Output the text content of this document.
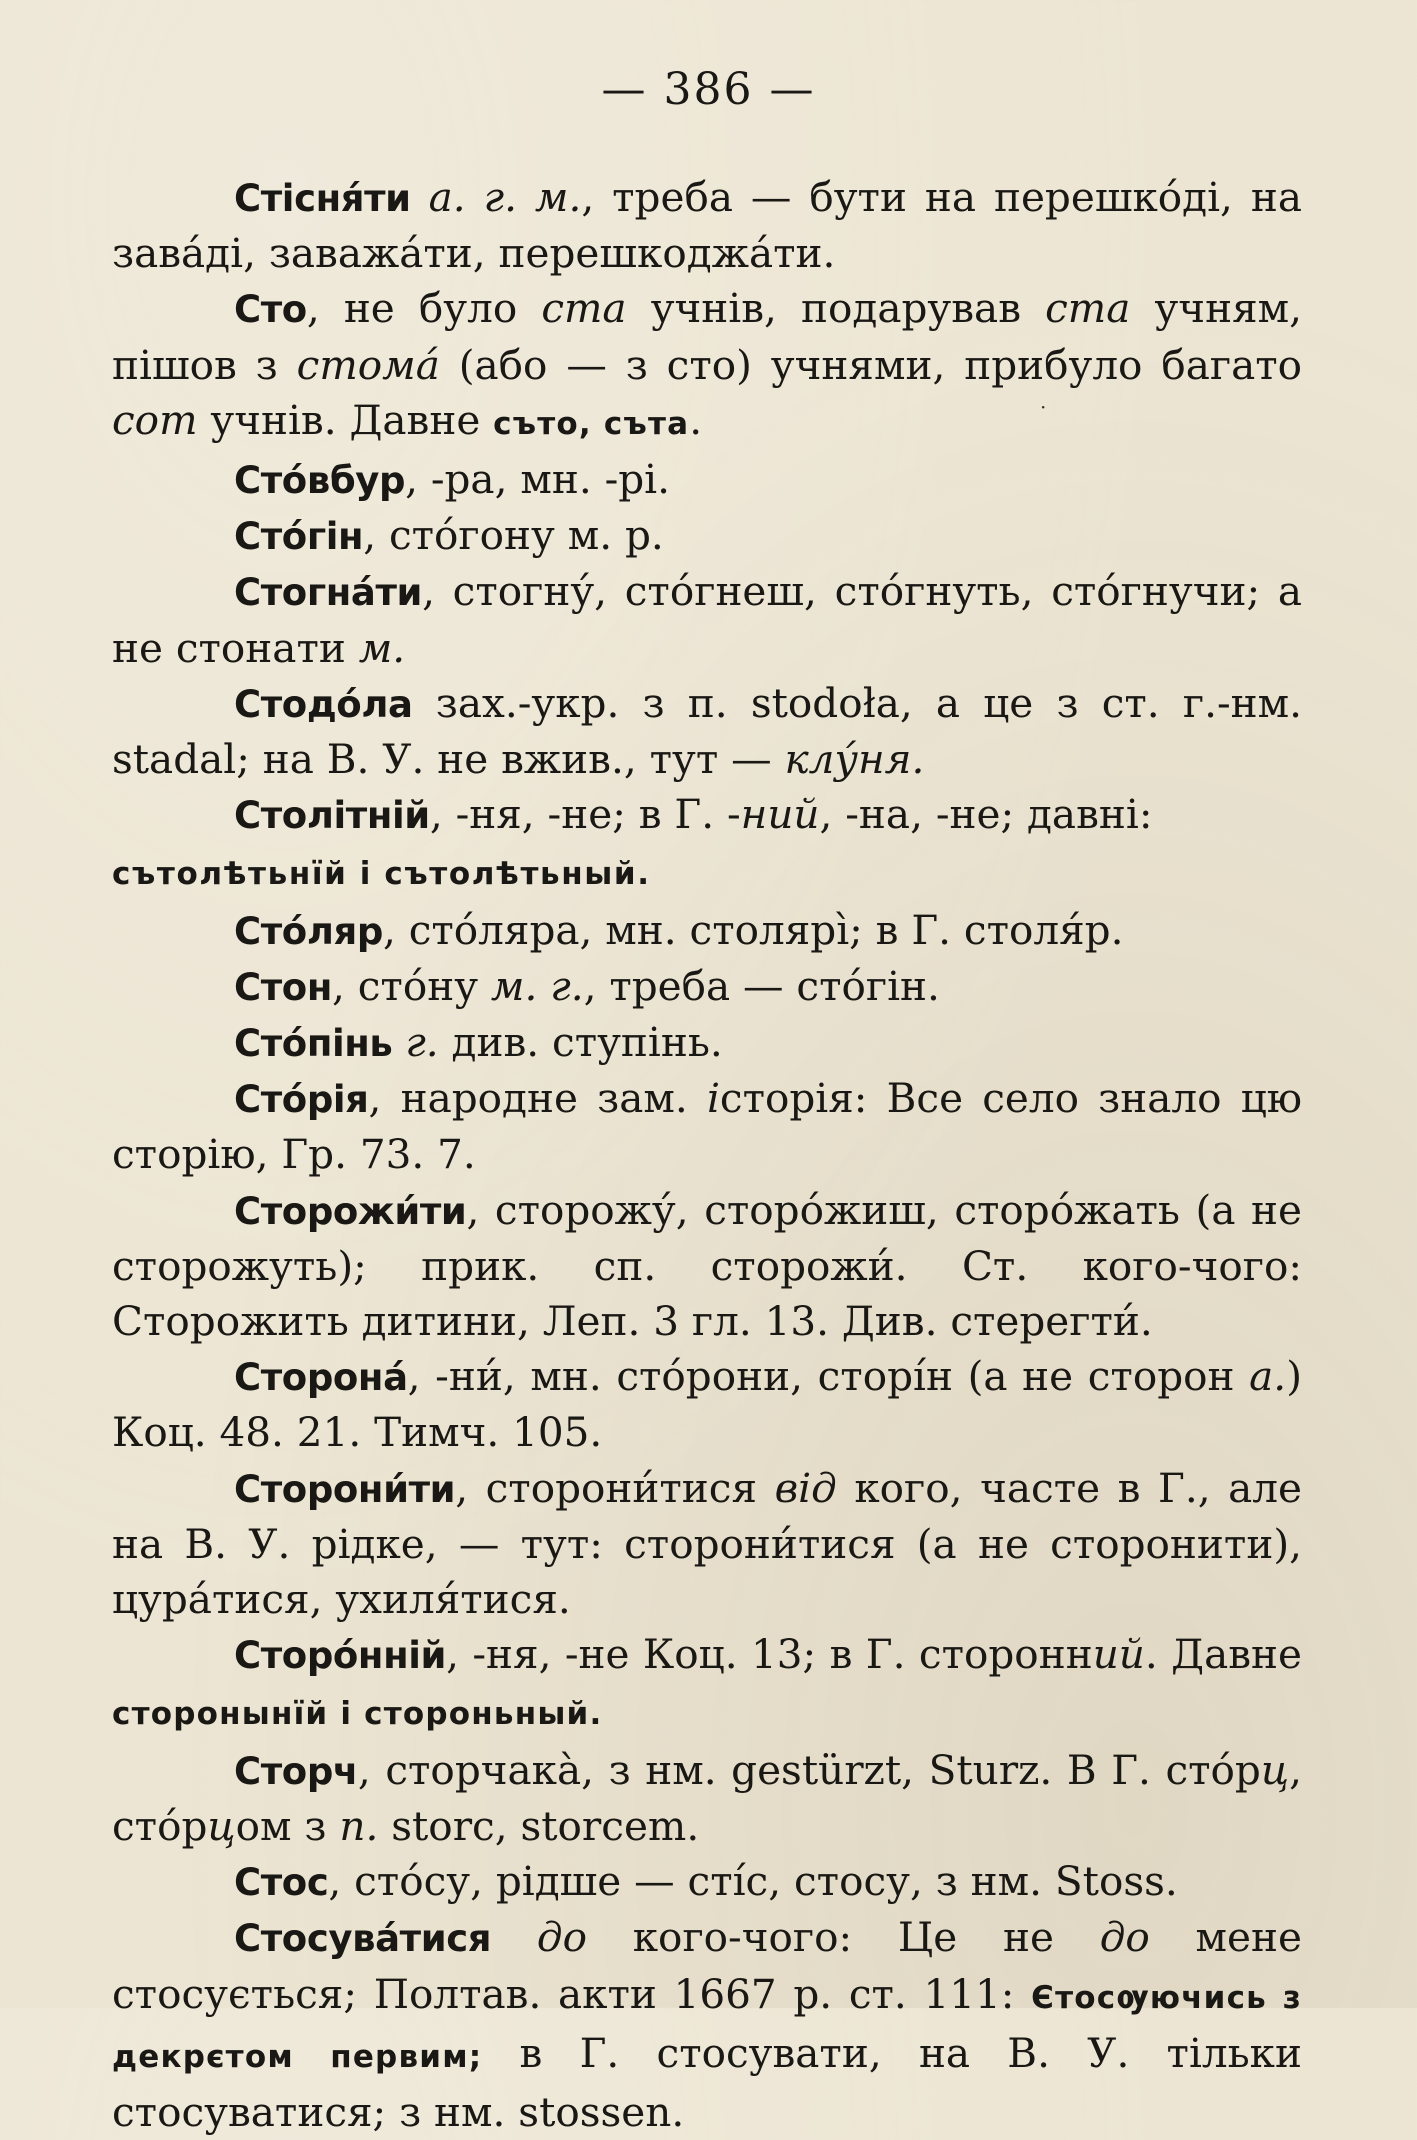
— 386 —

Стісня́ти а. г. м., треба — бути на перешко́ді, на зава́ді, заважа́ти, перешкоджа́ти.

Сто, не було ста учнів, подарував ста учням, пішов з стома́ (або — з сто) учнями, прибуло багато сот учнів. Давне съто, съта.

Сто́вбур, -ра, мн. -рі.

Сто́гін, сто́гону м. р.

Стогна́ти, стогну́, сто́гнеш, сто́гнуть, сто́гнучи; а не стонати м.

Стодо́ла зах.-укр. з п. stodoła, а це з ст. г.-нм. stadal; на В. У. не вжив., тут — клу́ня.

Столітній, -ня, -не; в Г. -ний, -на, -не; давні:
сътолѣтьнїй і сътолѣтьный.

Сто́ляр, сто́ляра, мн. столярі̀; в Г. столя́р.

Стон, сто́ну м. г., треба — сто́гін.

Сто́пінь г. див. ступінь.

Сто́рія, народне зам. історія: Все село знало цю сторію, Гр. 73. 7.

Сторожи́ти, сторожу́, сторо́жиш, сторо́жать (а не сторожуть); прик. сп. сторожи́. Ст. кого-чого: Сторожить дитини, Леп. 3 гл. 13. Див. стерегти́.

Сторона́, -ни́, мн. сто́рони, сторі́н (а не сторон а.) Коц. 48. 21. Тимч. 105.

Сторони́ти, сторони́тися від кого, часте в Г., але на В. У. рідке, — тут: сторони́тися (а не сторонити), цура́тися, ухиля́тися.

Сторо́нній, -ня, -не Коц. 13; в Г. сторонний. Давне сторонынїй і стороньный.

Сторч, сторчака̀, з нм. gestürzt, Sturz. В Г. сто́рц, сто́рцом з п. storc, storcem.

Стос, сто́су, рідше — сті́с, стосу, з нм. Stoss.

Стосува́тися до кого-чого: Це не до мене стосується; Полтав. акти 1667 р. ст. 111: Єтосѹючись з декрєтом первим; в Г. стосувати, на В. У. тільки стосуватися; з нм. stossen.

·
